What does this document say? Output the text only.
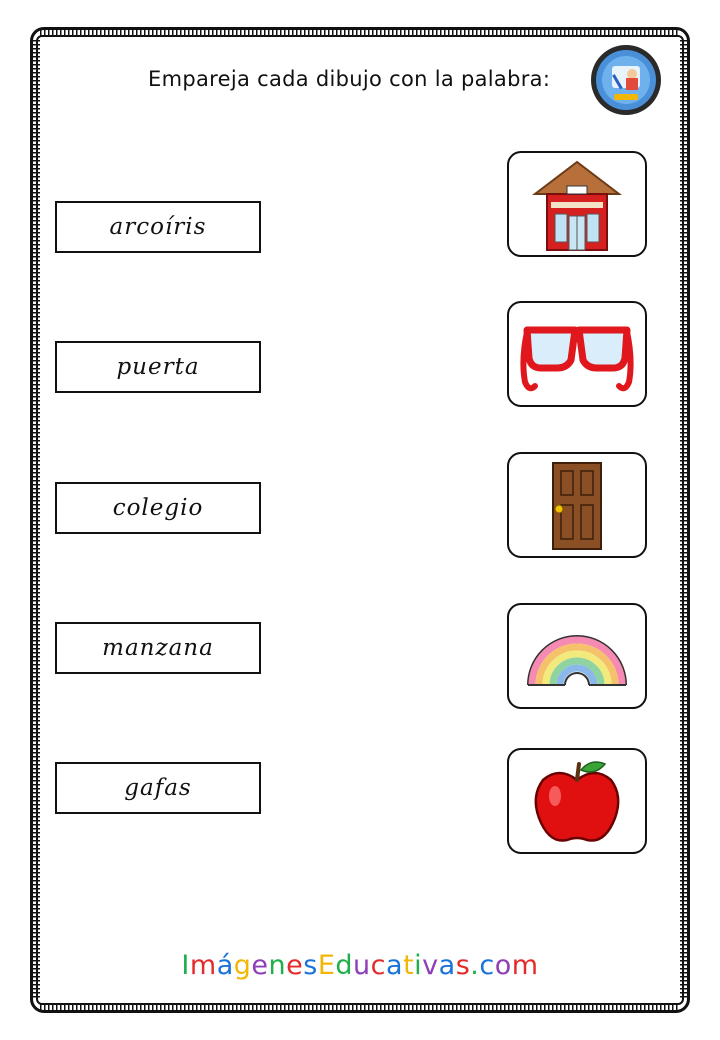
Empareja cada dibujo con la palabra:
arcoíris
puerta
colegio
manzana
gafas
ImágenesEducativas.com
